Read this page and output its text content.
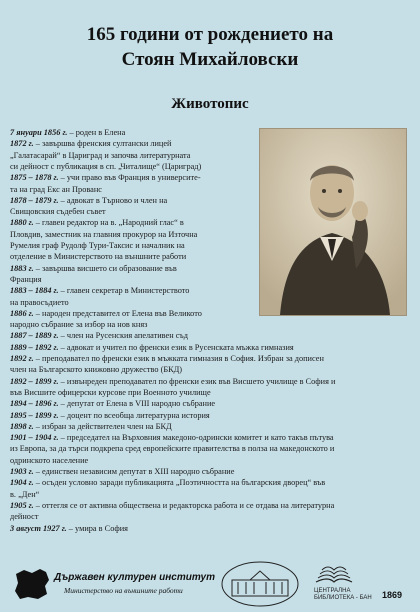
165 години от рождението на
Стоян Михайловски
Животопис
7 януари 1856 г. – роден в Елена
1872 г. – завършва френския султански лицей
„Галатасарай“ в Цариград и започва литературната
си дейност с публикация в сп. „Читалище“ (Цариград)
1875 – 1878 г. – учи право във Франция в университе-
та на град Екс ан Прованс
1878 – 1879 г. – адвокат в Търново и член на
Свищовския съдебен съвет
1880 г. – главен редактор на в. „Народний глас“ в
Пловдив, заместник на главния прокурор на Източна
Румелия граф Рудолф Тури-Таксис и началник на
отделение в Министерството на външните работи
1883 г. – завършва висшето си образование във
Франция
1883 – 1884 г. – главен секретар в Министерството
на правосъдието
1886 г. – народен представител от Елена във Великото
народно събрание за избор на нов княз
1887 – 1889 г. – член на Русенския апелативен съд
1889 – 1892 г. – адвокат и учител по френски език в Русенската мъжка гимназия
1892 г. – преподавател по френски език в мъжката гимназия в София. Избран за дописен
член на Българското книжовно дружество (БКД)
1892 – 1899 г. – извънреден преподавател по френски език във Висшето училище в София и
във Висшите офицерски курсове при Военното училище
1894 – 1896 г. – депутат от Елена в VIII народно събрание
1895 – 1899 г. – доцент по всеобща литературна история
1898 г. – избран за действителен член на БКД
1901 – 1904 г. – председател на Върховния македоно-одрински комитет и като такъв пътува
из Европа, за да търси подкрепа сред европейските правителства в полза на македонското и
одринското население
1903 г. – единствен независим депутат в XIII народно събрание
1904 г. – осъден условно заради публикацията „Поэтичността на българския дворец“ във
в. „Ден“
1905 г. – оттегля се от активна обществена и редакторска работа и се отдава на литературна
дейност
3 август 1927 г. – умира в София
Държавен културен институт
Министерство на външните работи	ЦЕНТРАЛНА БИБЛИОТЕКА - БАН 1869
